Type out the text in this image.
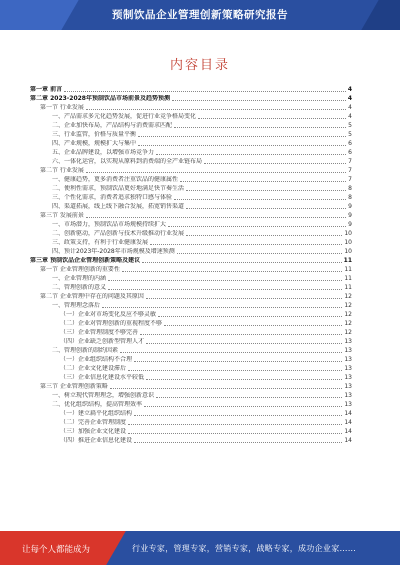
预制饮品企业管理创新策略研究报告
内容目录
第一章 前言	4
第二章 2023-2028年预制饮品市场前景及趋势预测	4
第一节 行业发展	4
一、产品需求多元化趋势发展，促进行业竞争格局变化	4
二、企业加快布局，产品结构与消费需求匹配	5
三、行业监管，价格与质量平衡	5
四、产业规模，规模扩大与集中	6
五、企业品牌建设，以增强市场竞争力	6
六、一体化运营，以实现从原料到消费端的全产业链布局	7
第二节 行业发展	7
一、健康趋势，更多消费者注重饮品的健康属性	7
二、便利性需求，预制饮品更好地满足快节奏生活	8
三、个性化需求，消费者追求独特口感与体验	8
四、渠道拓展，线上线下融合发展，拓宽销售渠道	9
第三节 发展前景	9
一、市场潜力，预制饮品市场规模持续扩大	9
二、创新驱动，产品创新与技术升级推动行业发展	10
三、政策支持，有利于行业健康发展	10
四、预计2023年-2028年市场规模及增速预测	10
第三章 预制饮品企业管理创新策略及建议	11
第一节 企业管理创新的重要性	11
一、企业管理的内涵	11
二、管理创新的意义	11
第二节 企业管理中存在的问题及其原因	12
一、管理理念落后	12
（一）企业对市场变化反应不够灵敏	12
（二）企业对管理创新的重视程度不够	12
（三）企业管理制度不够完善	12
（四）企业缺乏创新型管理人才	13
二、管理创新的制约因素	13
（一）企业组织结构不合理	13
（二）企业文化建设滞后	13
（三）企业信息化建设水平较低	13
第三节 企业管理创新策略	13
一、树立现代管理理念，增强创新意识	13
二、优化组织结构，提高管理效率	13
（一）建立扁平化组织结构	14
（二）完善企业管理制度	14
（三）加强企业文化建设	14
（四）推进企业信息化建设	14
让每个人都能成为	行业专家，管理专家，营销专家，战略专家，成功企业家……
